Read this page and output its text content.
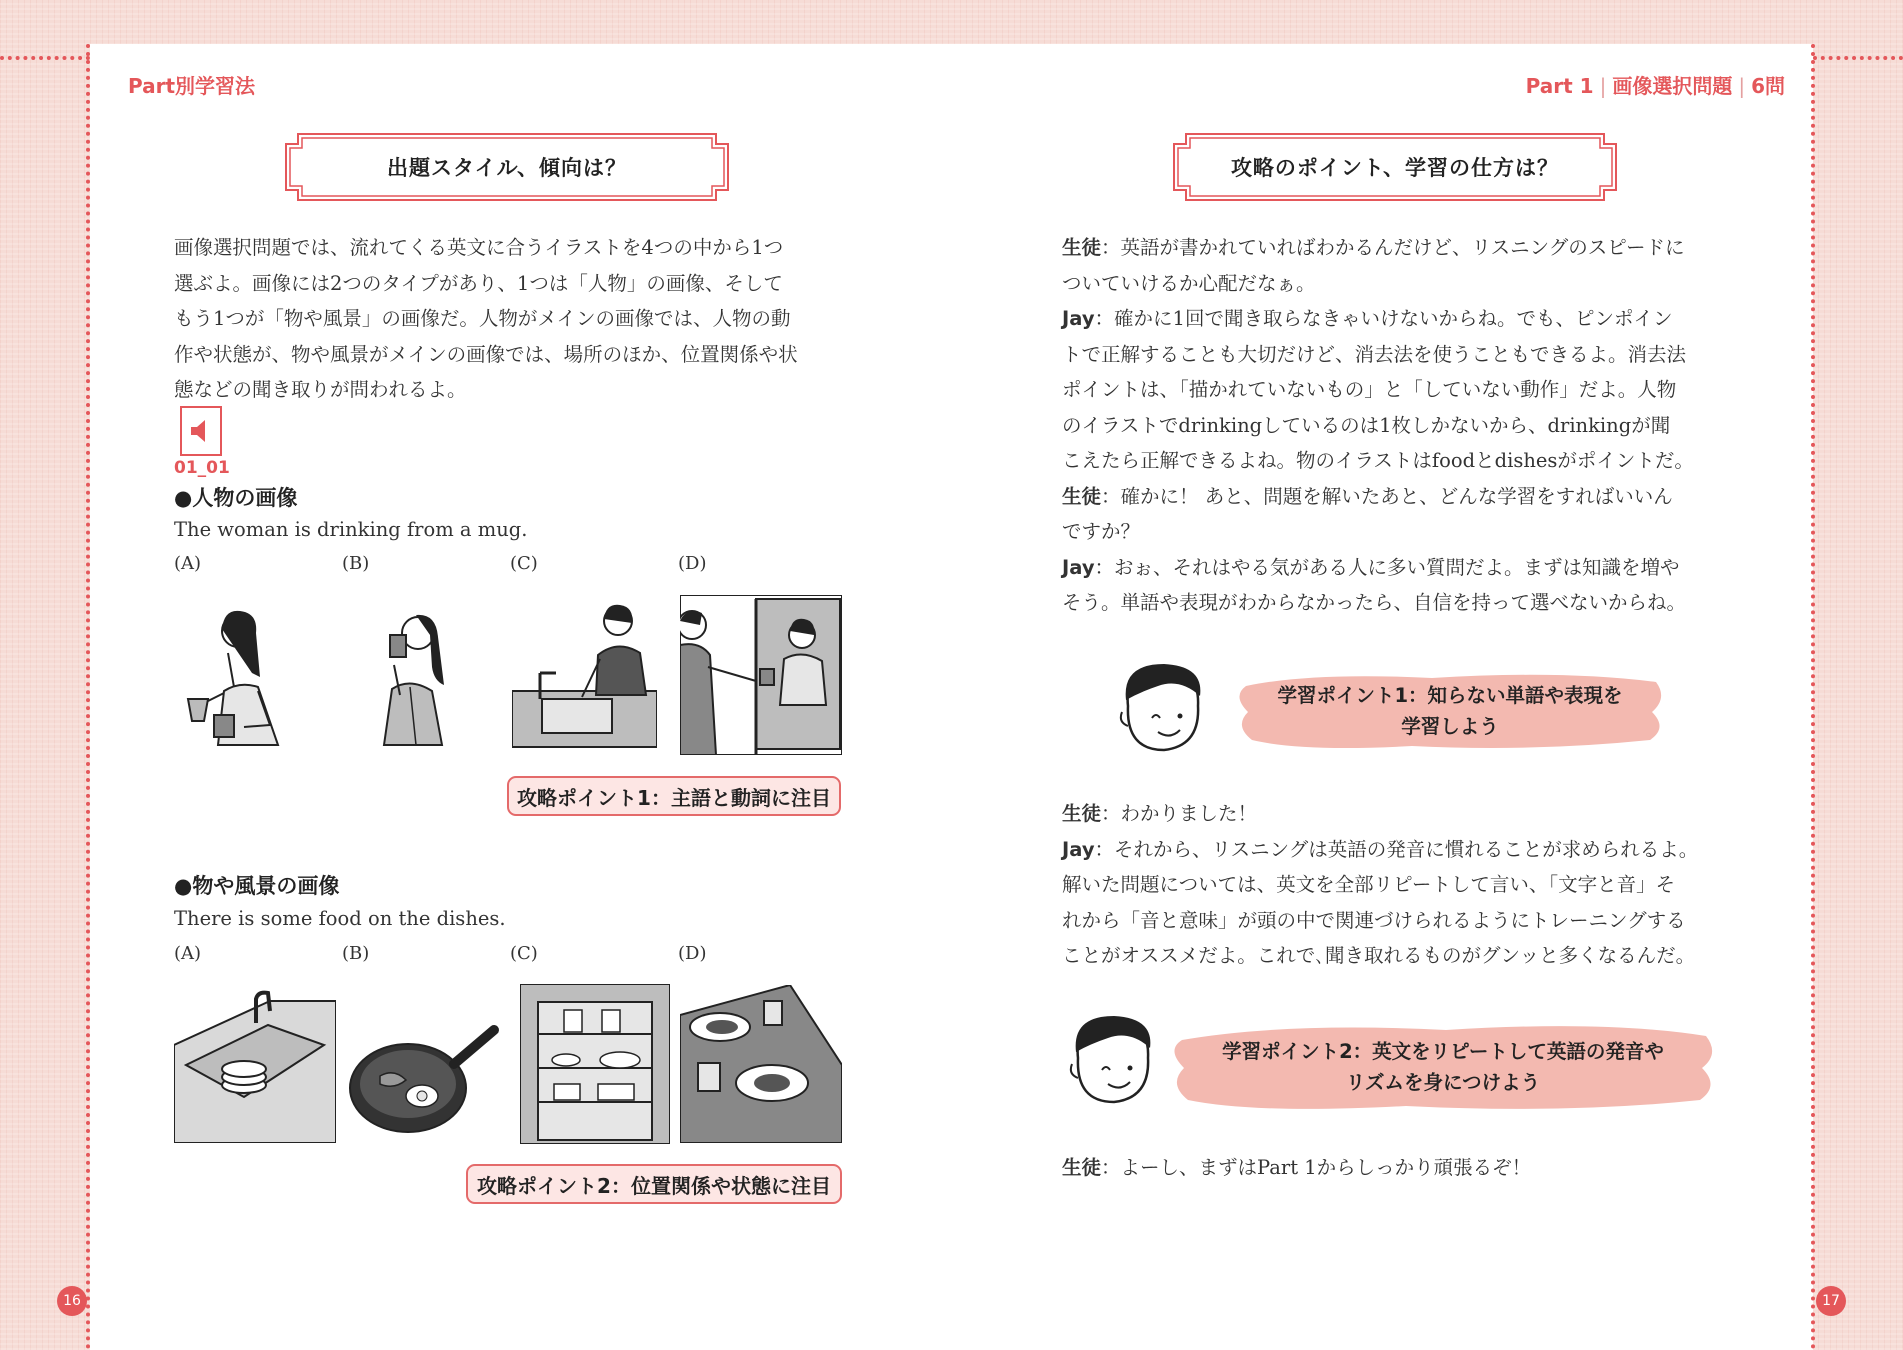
Part別学習法	Part 1 | 画像選択問題 | 6問
出題スタイル、傾向は？
画像選択問題では、流れてくる英文に合うイラストを4つの中から1つ
選ぶよ。画像には2つのタイプがあり、1つは「人物」の画像、そして
もう1つが「物や風景」の画像だ。人物がメインの画像では、人物の動
作や状態が、物や風景がメインの画像では、場所のほか、位置関係や状
態などの聞き取りが問われるよ。
01_01
●人物の画像
The woman is drinking from a mug.
(A)	(B)	(C)	(D)
攻略ポイント1：主語と動詞に注目
●物や風景の画像
There is some food on the dishes.
(A)	(B)	(C)	(D)
攻略ポイント2：位置関係や状態に注目
16
攻略のポイント、学習の仕方は？
生徒：英語が書かれていればわかるんだけど、リスニングのスピードに
ついていけるか心配だなぁ。
Jay：確かに1回で聞き取らなきゃいけないからね。でも、ピンポイン
トで正解することも大切だけど、消去法を使うこともできるよ。消去法
ポイントは、「描かれていないもの」と「していない動作」だよ。人物
のイラストでdrinkingしているのは1枚しかないから、drinkingが聞
こえたら正解できるよね。物のイラストはfoodとdishesがポイントだ。
生徒：確かに！ あと、問題を解いたあと、どんな学習をすればいいん
ですか？
Jay：おぉ、それはやる気がある人に多い質問だよ。まずは知識を増や
そう。単語や表現がわからなかったら、自信を持って選べないからね。
学習ポイント1：知らない単語や表現を
学習しよう
生徒：わかりました！
Jay：それから、リスニングは英語の発音に慣れることが求められるよ。
解いた問題については、英文を全部リピートして言い、「文字と音」そ
れから「音と意味」が頭の中で関連づけられるようにトレーニングする
ことがオススメだよ。これで､聞き取れるものがグンッと多くなるんだ。
学習ポイント2：英文をリピートして英語の発音や
リズムを身につけよう
生徒：よーし、まずはPart 1からしっかり頑張るぞ！
17
